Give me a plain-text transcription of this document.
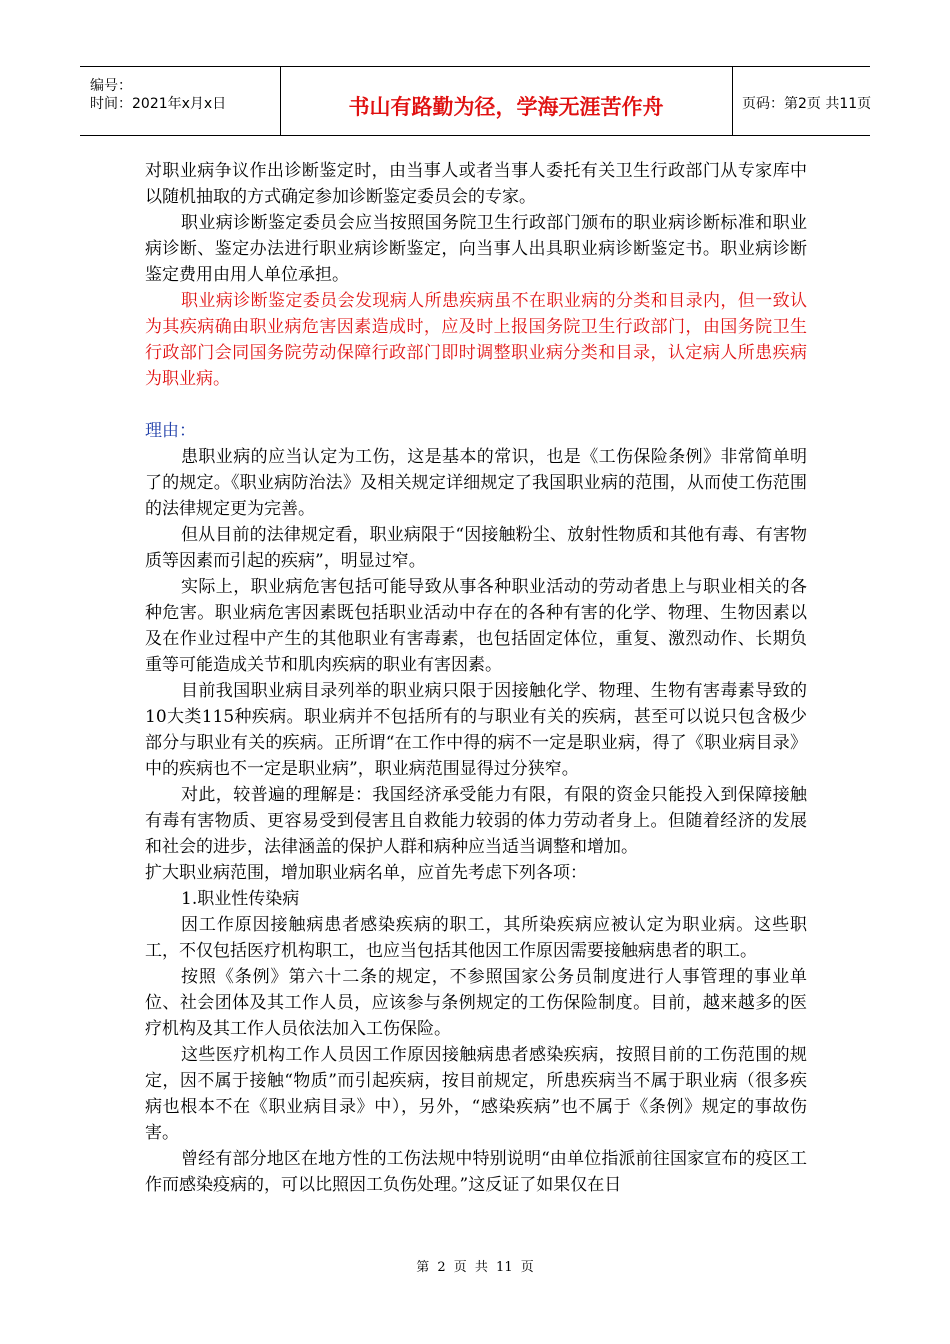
编号：
时间：2021年x月x日	书山有路勤为径，学海无涯苦作舟	页码：第2页 共11页

对职业病争议作出诊断鉴定时，由当事人或者当事人委托有关卫生行政部门从专家库中以随机抽取的方式确定参加诊断鉴定委员会的专家。

职业病诊断鉴定委员会应当按照国务院卫生行政部门颁布的职业病诊断标准和职业病诊断、鉴定办法进行职业病诊断鉴定，向当事人出具职业病诊断鉴定书。职业病诊断鉴定费用由用人单位承担。

职业病诊断鉴定委员会发现病人所患疾病虽不在职业病的分类和目录内，但一致认为其疾病确由职业病危害因素造成时，应及时上报国务院卫生行政部门，由国务院卫生行政部门会同国务院劳动保障行政部门即时调整职业病分类和目录，认定病人所患疾病为职业病。

理由：

患职业病的应当认定为工伤，这是基本的常识，也是《工伤保险条例》非常简单明了的规定。《职业病防治法》及相关规定详细规定了我国职业病的范围，从而使工伤范围的法律规定更为完善。

但从目前的法律规定看，职业病限于“因接触粉尘、放射性物质和其他有毒、有害物质等因素而引起的疾病”，明显过窄。

实际上，职业病危害包括可能导致从事各种职业活动的劳动者患上与职业相关的各种危害。职业病危害因素既包括职业活动中存在的各种有害的化学、物理、生物因素以及在作业过程中产生的其他职业有害毒素，也包括固定体位，重复、激烈动作、长期负重等可能造成关节和肌肉疾病的职业有害因素。

目前我国职业病目录列举的职业病只限于因接触化学、物理、生物有害毒素导致的10大类115种疾病。职业病并不包括所有的与职业有关的疾病，甚至可以说只包含极少部分与职业有关的疾病。正所谓“在工作中得的病不一定是职业病，得了《职业病目录》中的疾病也不一定是职业病”，职业病范围显得过分狭窄。

对此，较普遍的理解是：我国经济承受能力有限，有限的资金只能投入到保障接触有毒有害物质、更容易受到侵害且自救能力较弱的体力劳动者身上。但随着经济的发展和社会的进步，法律涵盖的保护人群和病种应当适当调整和增加。

扩大职业病范围，增加职业病名单，应首先考虑下列各项：

1.职业性传染病

因工作原因接触病患者感染疾病的职工，其所染疾病应被认定为职业病。这些职工，不仅包括医疗机构职工，也应当包括其他因工作原因需要接触病患者的职工。

按照《条例》第六十二条的规定，不参照国家公务员制度进行人事管理的事业单位、社会团体及其工作人员，应该参与条例规定的工伤保险制度。目前，越来越多的医疗机构及其工作人员依法加入工伤保险。

这些医疗机构工作人员因工作原因接触病患者感染疾病，按照目前的工伤范围的规定，因不属于接触“物质”而引起疾病，按目前规定，所患疾病当不属于职业病（很多疾病也根本不在《职业病目录》中），另外，“感染疾病”也不属于《条例》规定的事故伤害。

曾经有部分地区在地方性的工伤法规中特别说明“由单位指派前往国家宣布的疫区工作而感染疫病的，可以比照因工负伤处理。”这反证了如果仅在日

第 2 页 共 11 页
